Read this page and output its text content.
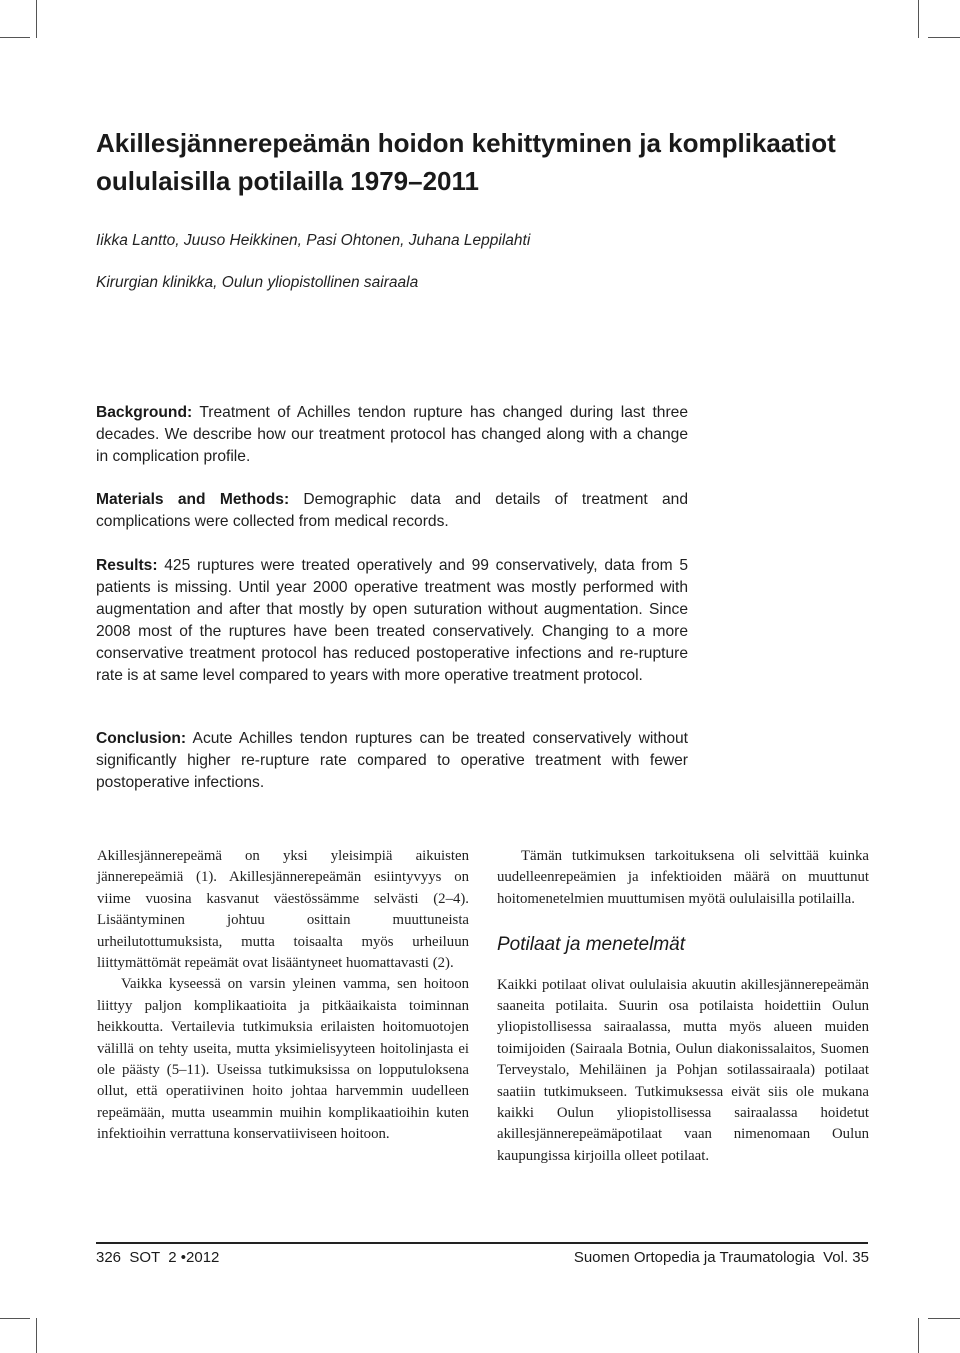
Akillesjännerepeämän hoidon kehittyminen ja komplikaatiot oululaisilla potilailla 1979–2011
Iikka Lantto, Juuso Heikkinen, Pasi Ohtonen, Juhana Leppilahti
Kirurgian klinikka, Oulun yliopistollinen sairaala

Background: Treatment of Achilles tendon rupture has changed during last three decades. We describe how our treatment protocol has changed along with a change in complication profile.

Materials and Methods: Demographic data and details of treatment and complications were collected from medical records.

Results: 425 ruptures were treated operatively and 99 conservatively, data from 5 patients is missing. Until year 2000 operative treatment was mostly performed with augmentation and after that mostly by open suturation without augmentation. Since 2008 most of the ruptures have been treated conservatively. Changing to a more conservative treatment protocol has reduced postoperative infections and re-rupture rate is at same level compared to years with more operative treatment protocol.

Conclusion: Acute Achilles tendon ruptures can be treated conservatively without significantly higher re-rupture rate compared to operative treatment with fewer postoperative infections.

Akillesjännerepeämä on yksi yleisimpiä aikuisten jännerepeämiä (1). Akillesjännerepeämän esiintyvyys on viime vuosina kasvanut väestössämme selvästi (2–4). Lisääntyminen johtuu osittain muuttuneista urheilutottumuksista, mutta toisaalta myös urheiluun liittymättömät repeämät ovat lisääntyneet huomattavasti (2).

Vaikka kyseessä on varsin yleinen vamma, sen hoitoon liittyy paljon komplikaatioita ja pitkäaikaista toiminnan heikkoutta. Vertailevia tutkimuksia erilaisten hoitomuotojen välillä on tehty useita, mutta yksimielisyyteen hoitolinjasta ei ole päästy (5–11). Useissa tutkimuksissa on lopputuloksena ollut, että operatiivinen hoito johtaa harvemmin uudelleen repeämään, mutta useammin muihin komplikaatioihin kuten infektioihin verrattuna konservatiiviseen hoitoon.

Tämän tutkimuksen tarkoituksena oli selvittää kuinka uudelleenrepeämien ja infektioiden määrä on muuttunut hoitomenetelmien muuttumisen myötä oululaisilla potilailla.

Potilaat ja menetelmät

Kaikki potilaat olivat oululaisia akuutin akillesjännerepeämän saaneita potilaita. Suurin osa potilaista hoidettiin Oulun yliopistollisessa sairaalassa, mutta myös alueen muiden toimijoiden (Sairaala Botnia, Oulun diakonissalaitos, Suomen Terveystalo, Mehiläinen ja Pohjan sotilassairaala) potilaat saatiin tutkimukseen. Tutkimuksessa eivät siis ole mukana kaikki Oulun yliopistollisessa sairaalassa hoidetut akillesjännerepeämäpotilaat vaan nimenomaan Oulun kaupungissa kirjoilla olleet potilaat.

326  SOT  2 •2012	Suomen Ortopedia ja Traumatologia  Vol. 35
